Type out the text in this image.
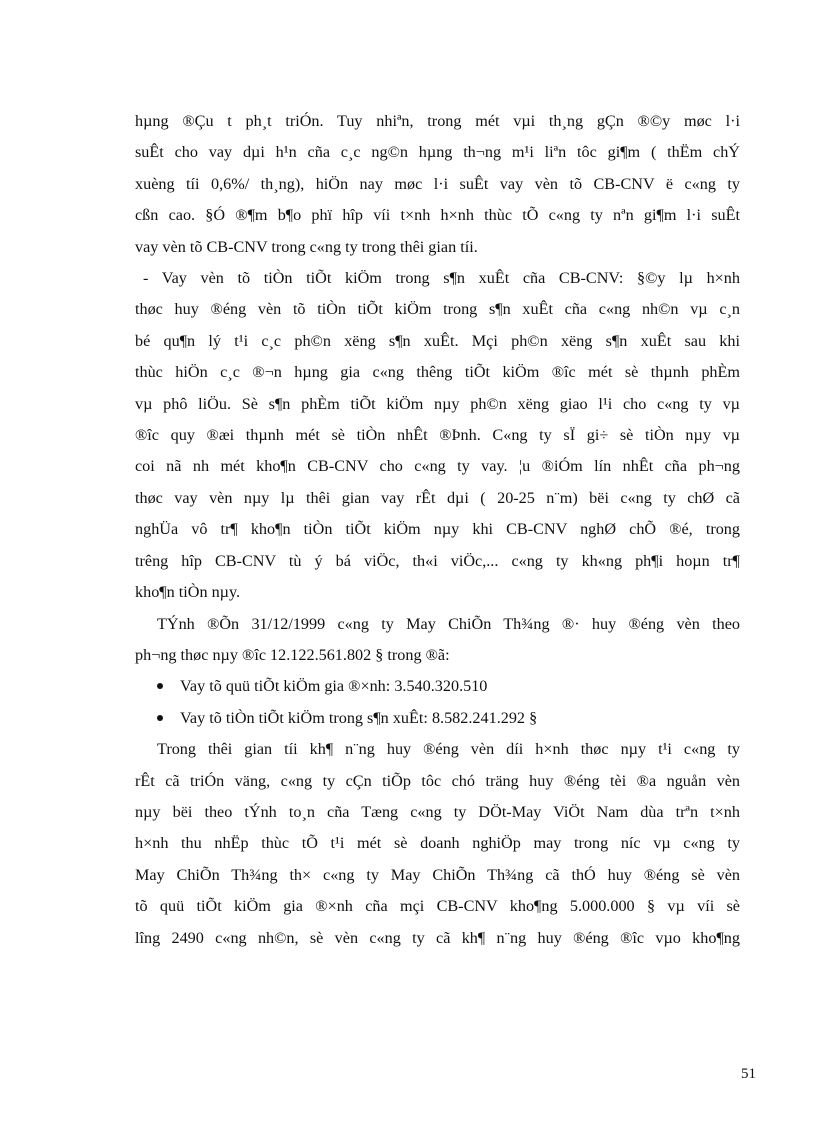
hµng ®Çu t ph¸t triÓn. Tuy nhiªn, trong mét vµi th¸ng gÇn ®©y møc l·i

suÊt cho vay dµi h¹n cña c¸c ng©n hµng th¬ng m¹i liªn tôc gi¶m ( thËm chÝ

xuèng tíi 0,6%/ th¸ng), hiÖn nay møc l·i suÊt vay vèn tõ CB-CNV ë c«ng ty

cßn cao. §Ó ®¶m b¶o phï hîp víi t×nh h×nh thùc tÕ c«ng ty nªn gi¶m l·i suÊt

vay vèn tõ CB-CNV trong c«ng ty trong thêi gian tíi.

- Vay vèn tõ tiÒn tiÕt kiÖm trong s¶n xuÊt cña CB-CNV: §©y lµ h×nh

thøc huy ®éng vèn tõ tiÒn tiÕt kiÖm trong s¶n xuÊt cña c«ng nh©n vµ c¸n

bé qu¶n lý t¹i c¸c ph©n xëng s¶n xuÊt. Mçi ph©n xëng s¶n xuÊt sau khi

thùc hiÖn c¸c ®¬n hµng gia c«ng thêng tiÕt kiÖm ®îc mét sè thµnh phÈm

vµ phô liÖu. Sè s¶n phÈm tiÕt kiÖm nµy ph©n xëng giao l¹i cho c«ng ty vµ

®îc quy ®æi thµnh mét sè tiÒn nhÊt ®Þnh. C«ng ty sÏ gi÷ sè tiÒn nµy vµ

coi nã nh mét kho¶n CB-CNV cho c«ng ty vay. ¦u ®iÓm lín nhÊt cña ph¬ng

thøc vay vèn nµy lµ thêi gian vay rÊt dµi ( 20-25 n¨m) bëi c«ng ty chØ cã

nghÜa vô tr¶ kho¶n tiÒn tiÕt kiÖm nµy khi CB-CNV nghØ chÕ ®é, trong

trêng hîp CB-CNV tù ý bá viÖc, th«i viÖc,... c«ng ty kh«ng ph¶i hoµn tr¶

kho¶n tiÒn nµy.

TÝnh ®Õn 31/12/1999 c«ng ty May ChiÕn Th¾ng ®· huy ®éng vèn theo

ph¬ng thøc nµy ®îc 12.122.561.802 § trong ®ã:

Vay tõ quü tiÕt kiÖm gia ®×nh: 3.540.320.510
Vay tõ tiÒn tiÕt kiÖm trong s¶n xuÊt: 8.582.241.292 §

Trong thêi gian tíi kh¶ n¨ng huy ®éng vèn díi h×nh thøc nµy t¹i c«ng ty

rÊt cã triÓn väng, c«ng ty cÇn tiÕp tôc chó träng huy ®éng tèi ®a nguån vèn

nµy bëi theo tÝnh to¸n cña Tæng c«ng ty DÖt-May ViÖt Nam dùa trªn t×nh

h×nh thu nhËp thùc tÕ t¹i mét sè doanh nghiÖp may trong níc vµ c«ng ty

May ChiÕn Th¾ng th× c«ng ty May ChiÕn Th¾ng cã thÓ huy ®éng sè vèn

tõ quü tiÕt kiÖm gia ®×nh cña mçi CB-CNV kho¶ng 5.000.000 § vµ víi sè

lîng 2490 c«ng nh©n, sè vèn c«ng ty cã kh¶ n¨ng huy ®éng ®îc vµo kho¶ng

51
